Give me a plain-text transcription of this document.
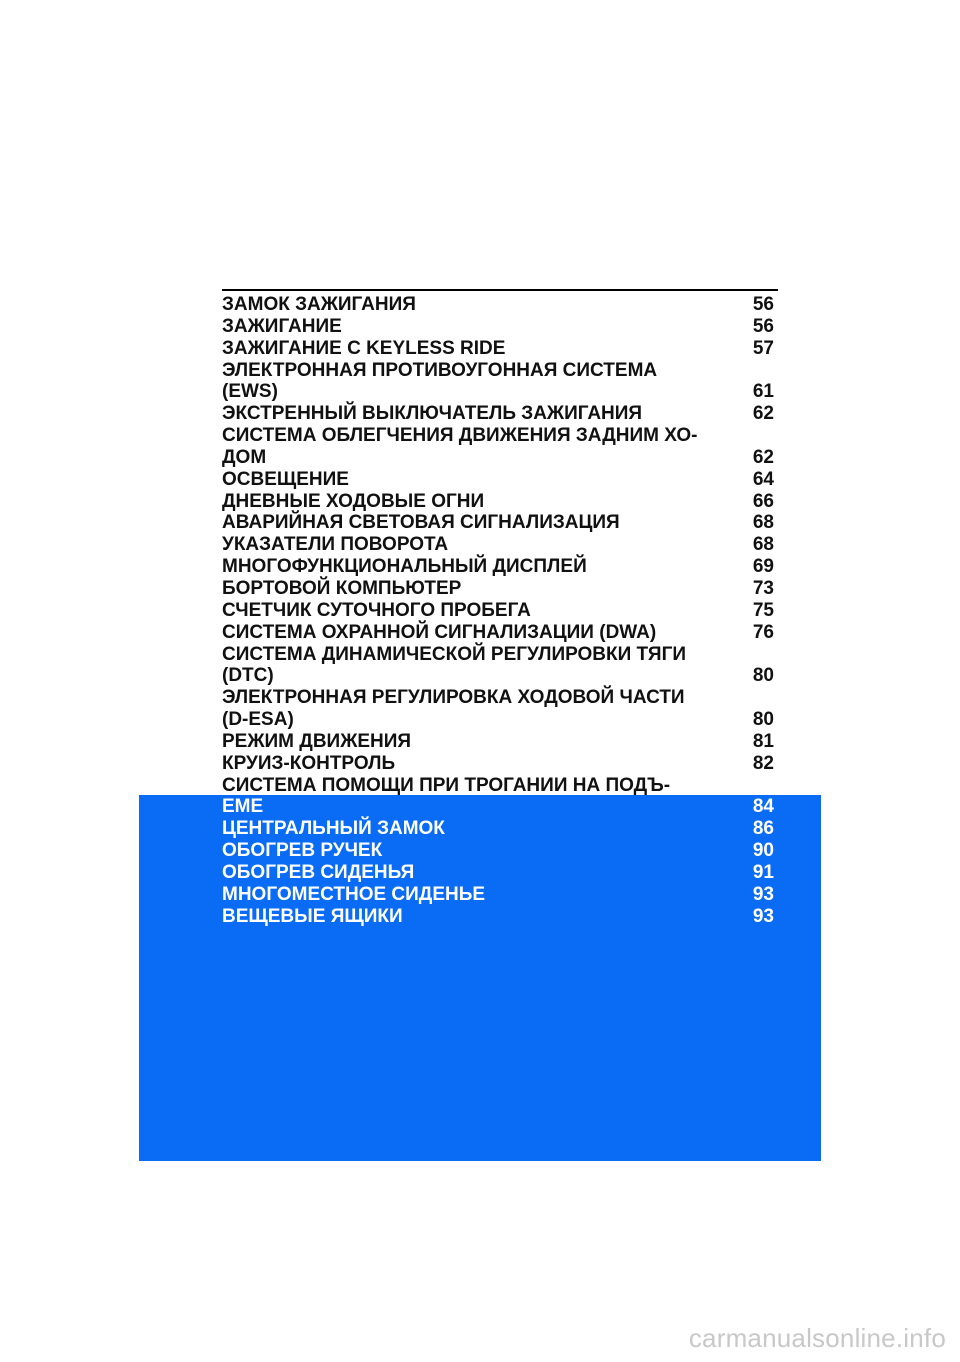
ЗАМОК ЗАЖИГАНИЯ	56
ЗАЖИГАНИЕ	56
ЗАЖИГАНИЕ С KEYLESS RIDE	57
ЭЛЕКТРОННАЯ ПРОТИВОУГОННАЯ СИСТЕМА
(EWS)	61
ЭКСТРЕННЫЙ ВЫКЛЮЧАТЕЛЬ ЗАЖИГАНИЯ	62
СИСТЕМА ОБЛЕГЧЕНИЯ ДВИЖЕНИЯ ЗАДНИМ ХО-
ДОМ	62
ОСВЕЩЕНИЕ	64
ДНЕВНЫЕ ХОДОВЫЕ ОГНИ	66
АВАРИЙНАЯ СВЕТОВАЯ СИГНАЛИЗАЦИЯ	68
УКАЗАТЕЛИ ПОВОРОТА	68
МНОГОФУНКЦИОНАЛЬНЫЙ ДИСПЛЕЙ	69
БОРТОВОЙ КОМПЬЮТЕР	73
СЧЕТЧИК СУТОЧНОГО ПРОБЕГА	75
СИСТЕМА ОХРАННОЙ СИГНАЛИЗАЦИИ (DWA)	76
СИСТЕМА ДИНАМИЧЕСКОЙ РЕГУЛИРОВКИ ТЯГИ
(DTC)	80
ЭЛЕКТРОННАЯ РЕГУЛИРОВКА ХОДОВОЙ ЧАСТИ
(D-ESA)	80
РЕЖИМ ДВИЖЕНИЯ	81
КРУИЗ-КОНТРОЛЬ	82
СИСТЕМА ПОМОЩИ ПРИ ТРОГАНИИ НА ПОДЪ-
ЕМЕ	84
ЦЕНТРАЛЬНЫЙ ЗАМОК	86
ОБОГРЕВ РУЧЕК	90
ОБОГРЕВ СИДЕНЬЯ	91
МНОГОМЕСТНОЕ СИДЕНЬЕ	93
ВЕЩЕВЫЕ ЯЩИКИ	93
carmanualsonline.info
